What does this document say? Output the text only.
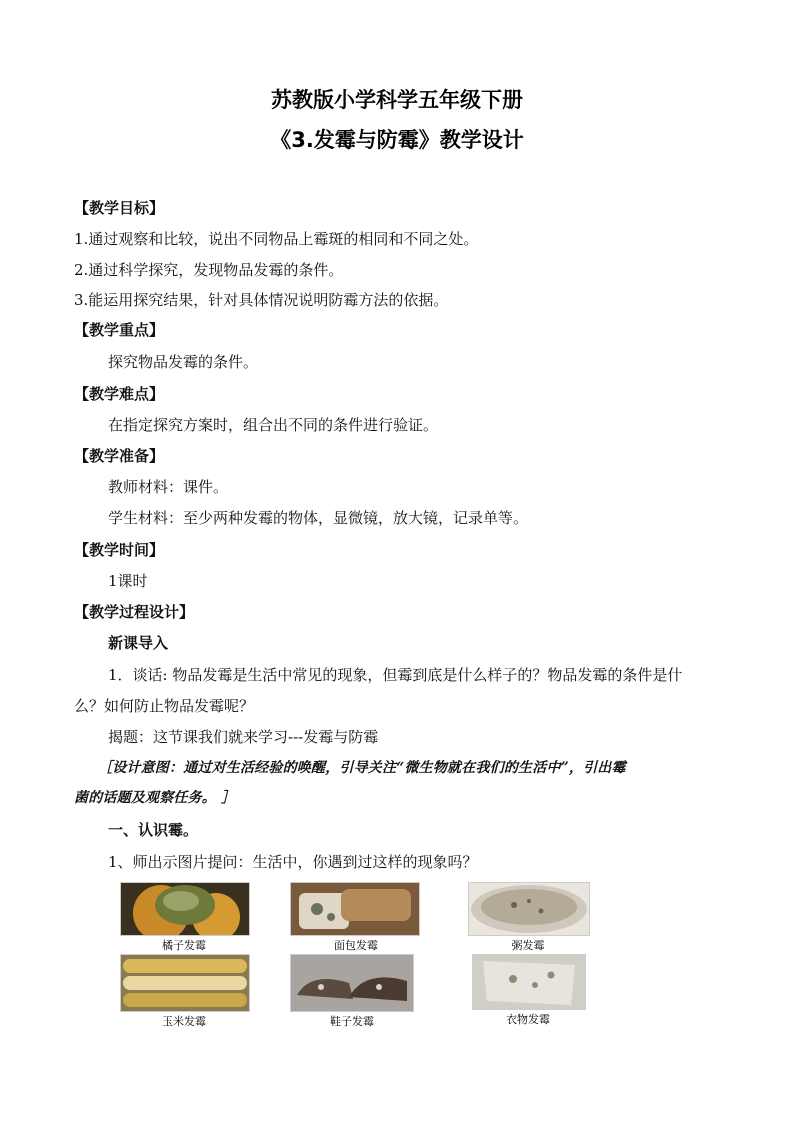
苏教版小学科学五年级下册
《3.发霉与防霉》教学设计
【教学目标】
1.通过观察和比较，说出不同物品上霉斑的相同和不同之处。
2.通过科学探究，发现物品发霉的条件。
3.能运用探究结果，针对具体情况说明防霉方法的依据。
【教学重点】
探究物品发霉的条件。
【教学难点】
在指定探究方案时，组合出不同的条件进行验证。
【教学准备】
教师材料：课件。
学生材料：至少两种发霉的物体，显微镜，放大镜，记录单等。
【教学时间】
1课时
【教学过程设计】
新课导入
1．谈话: 物品发霉是生活中常见的现象，但霉到底是什么样子的？物品发霉的条件是什
么？如何防止物品发霉呢？
揭题：这节课我们就来学习---发霉与防霉
［设计意图：通过对生活经验的唤醒，引导关注“微生物就在我们的生活中”，引出霉
菌的话题及观察任务。 ］
一、认识霉。
1、师出示图片提问：生活中，你遇到过这样的现象吗？
橘子发霉	面包发霉	粥发霉
玉米发霉	鞋子发霉	衣物发霉
